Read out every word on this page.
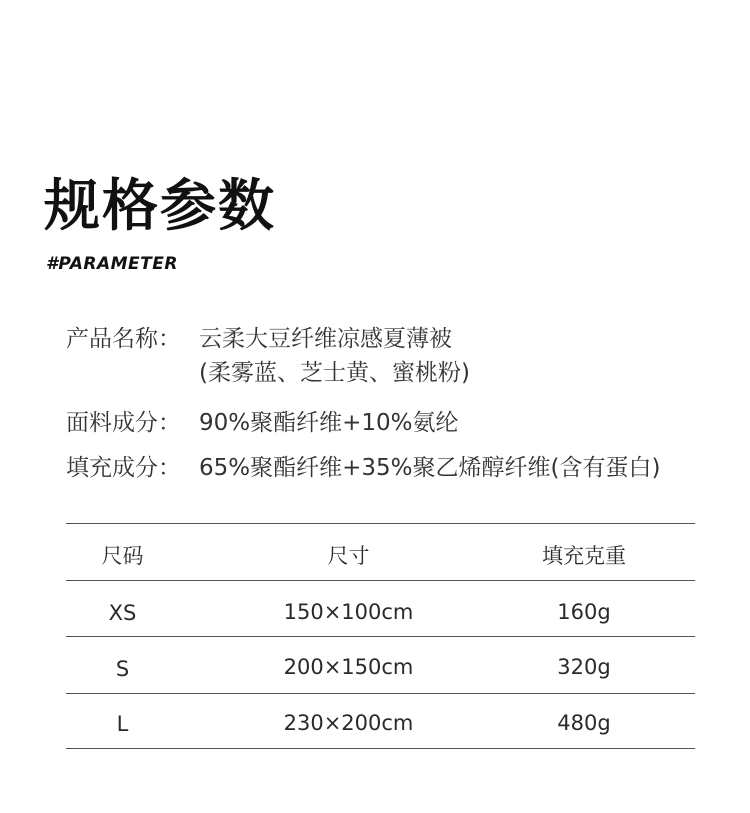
规格参数
#PARAMETER
产品名称： 云柔大豆纤维凉感夏薄被
(柔雾蓝、芝士黄、蜜桃粉)
面料成分： 90%聚酯纤维+10%氨纶
填充成分： 65%聚酯纤维+35%聚乙烯醇纤维(含有蛋白)
尺码	尺寸	填充克重
XS	150×100cm	160g
S	200×150cm	320g
L	230×200cm	480g
